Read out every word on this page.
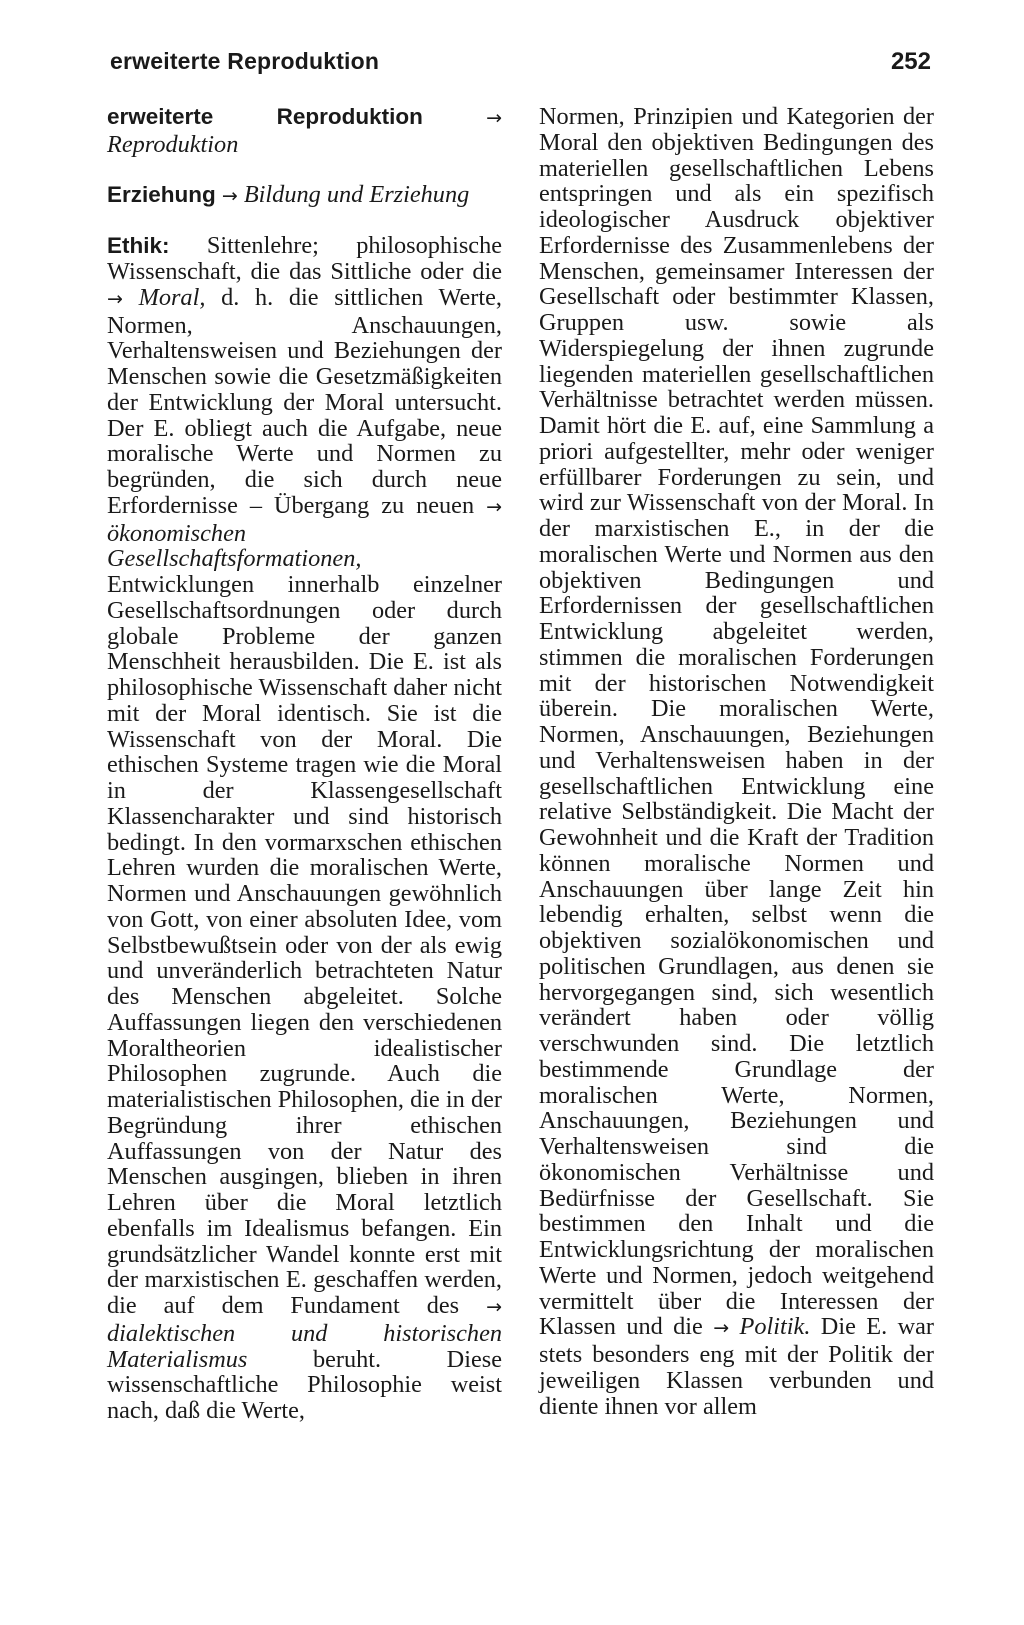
erweiterte Reproduktion	252

erweiterte Reproduktion	→ Reproduktion

Erziehung → Bildung und Erziehung

Ethik: Sittenlehre; philosophische Wissenschaft, die das Sittliche oder die → Moral, d. h. die sittlichen Werte, Normen, Anschauungen, Verhaltensweisen und Beziehungen der Menschen sowie die Gesetzmäßigkeiten der Entwicklung der Moral untersucht. Der E. obliegt auch die Aufgabe, neue moralische Werte und Normen zu begründen, die sich durch neue Erfordernisse – Übergang zu neuen → ökonomischen Gesellschaftsformationen, Entwicklungen innerhalb einzelner Gesellschaftsordnungen oder durch globale Probleme der ganzen Menschheit herausbilden. Die E. ist als philosophische Wissenschaft daher nicht mit der Moral identisch. Sie ist die Wissenschaft von der Moral. Die ethischen Systeme tragen wie die Moral in der Klassengesellschaft Klassencharakter und sind historisch bedingt. In den vormarxschen ethischen Lehren wurden die moralischen Werte, Normen und Anschauungen gewöhnlich von Gott, von einer absoluten Idee, vom Selbstbewußtsein oder von der als ewig und unveränderlich betrachteten Natur des Menschen abgeleitet. Solche Auffassungen liegen den verschiedenen Moraltheorien idealistischer Philosophen zugrunde. Auch die materialistischen Philosophen, die in der Begründung ihrer ethischen Auffassungen von der Natur des Menschen ausgingen, blieben in ihren Lehren über die Moral letztlich ebenfalls im Idealismus befangen. Ein grundsätzlicher Wandel konnte erst mit der marxistischen E. geschaffen werden, die auf dem Fundament des → dialektischen und historischen Materialismus	beruht. Diese wissenschaftliche Philosophie weist nach, daß die Werte,

Normen, Prinzipien und Kategorien der Moral den objektiven Bedingungen des materiellen gesellschaftlichen Lebens entspringen und als ein spezifisch ideologischer Ausdruck objektiver Erfordernisse des Zusammenlebens der Menschen, gemeinsamer Interessen der Gesellschaft oder bestimmter Klassen, Gruppen usw. sowie als Widerspiegelung der ihnen zugrunde liegenden materiellen gesellschaftlichen Verhältnisse betrachtet werden müssen. Damit hört die E. auf, eine Sammlung a priori aufgestellter, mehr oder weniger erfüllbarer Forderungen zu sein, und wird zur Wissenschaft von der Moral. In der marxistischen E., in der die moralischen Werte und Normen aus den objektiven Bedingungen und Erfordernissen der gesellschaftlichen Entwicklung abgeleitet werden, stimmen die moralischen Forderungen mit der historischen Notwendigkeit überein. Die moralischen Werte, Normen, Anschauungen, Beziehungen und Verhaltensweisen haben in der gesellschaftlichen Entwicklung eine relative Selbständigkeit. Die Macht der Gewohnheit und die Kraft der Tradition können moralische Normen und Anschauungen über lange Zeit hin lebendig erhalten, selbst wenn die objektiven sozialökonomischen und politischen Grundlagen, aus denen sie hervorgegangen sind, sich wesentlich verändert haben oder völlig verschwunden sind. Die letztlich bestimmende Grundlage der moralischen Werte, Normen, Anschauungen, Beziehungen und Verhaltensweisen sind die ökonomischen Verhältnisse und Bedürfnisse der Gesellschaft. Sie bestimmen den Inhalt und die Entwicklungsrichtung der moralischen Werte und Normen, jedoch weitgehend vermittelt über die Interessen der Klassen und die → Politik. Die E. war stets besonders eng mit der Politik der jeweiligen Klassen verbunden und diente ihnen vor allem
